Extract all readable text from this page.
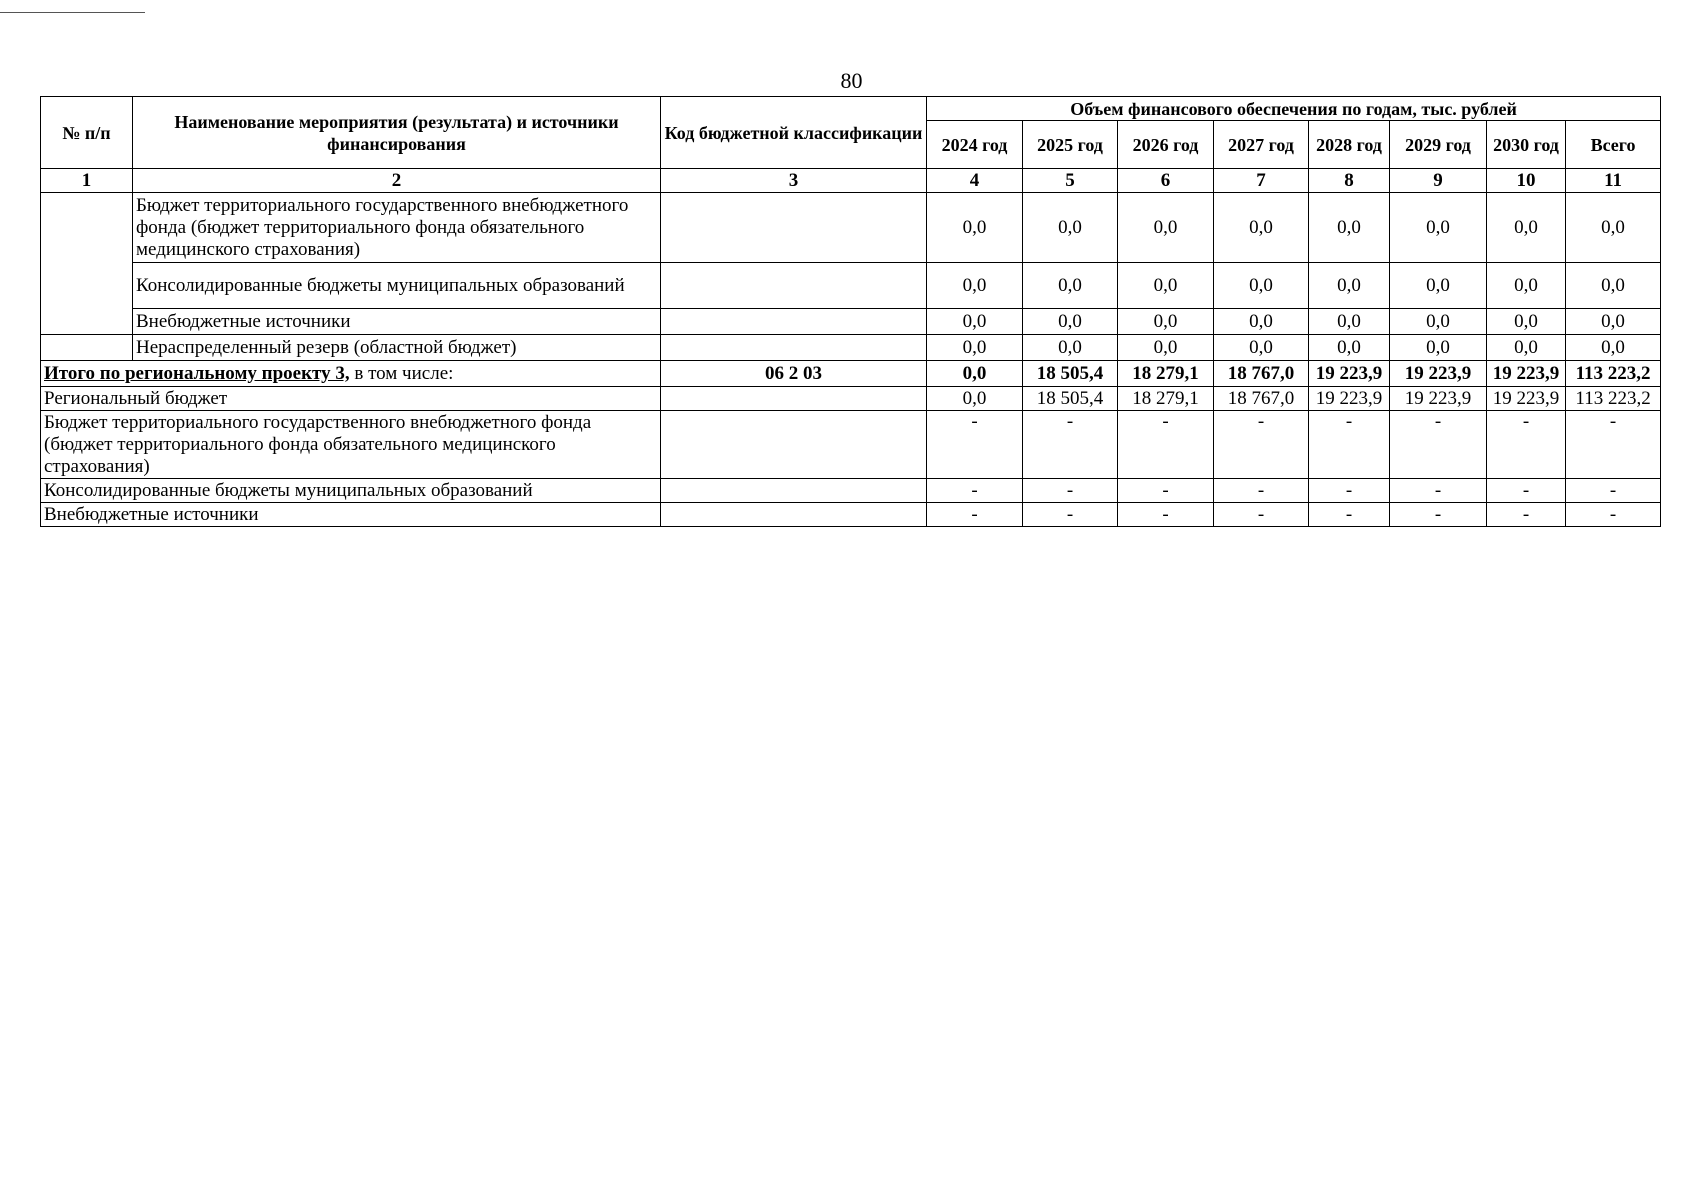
80
№ п/п	Наименование мероприятия (результата) и источники финансирования	Код бюджетной классификации	Объем финансового обеспечения по годам, тыс. рублей							
			2024 год	2025 год	2026 год	2027 год	2028 год	2029 год	2030 год	Всего
1	2	3	4	5	6	7	8	9	10	11
	Бюджет территориального государственного внебюджетного фонда (бюджет территориального фонда обязательного медицинского страхования)		0,0	0,0	0,0	0,0	0,0	0,0	0,0	0,0
	Консолидированные бюджеты муниципальных образований		0,0	0,0	0,0	0,0	0,0	0,0	0,0	0,0
	Внебюджетные источники		0,0	0,0	0,0	0,0	0,0	0,0	0,0	0,0
	Нераспределенный резерв (областной бюджет)		0,0	0,0	0,0	0,0	0,0	0,0	0,0	0,0
Итого по региональному проекту 3, в том числе:		06 2 03	0,0	18 505,4	18 279,1	18 767,0	19 223,9	19 223,9	19 223,9	113 223,2
Региональный бюджет			0,0	18 505,4	18 279,1	18 767,0	19 223,9	19 223,9	19 223,9	113 223,2
Бюджет территориального государственного внебюджетного фонда (бюджет территориального фонда обязательного медицинского страхования)			-	-	-	-	-	-	-	-
Консолидированные бюджеты муниципальных образований			-	-	-	-	-	-	-	-
Внебюджетные источники			-	-	-	-	-	-	-	-
